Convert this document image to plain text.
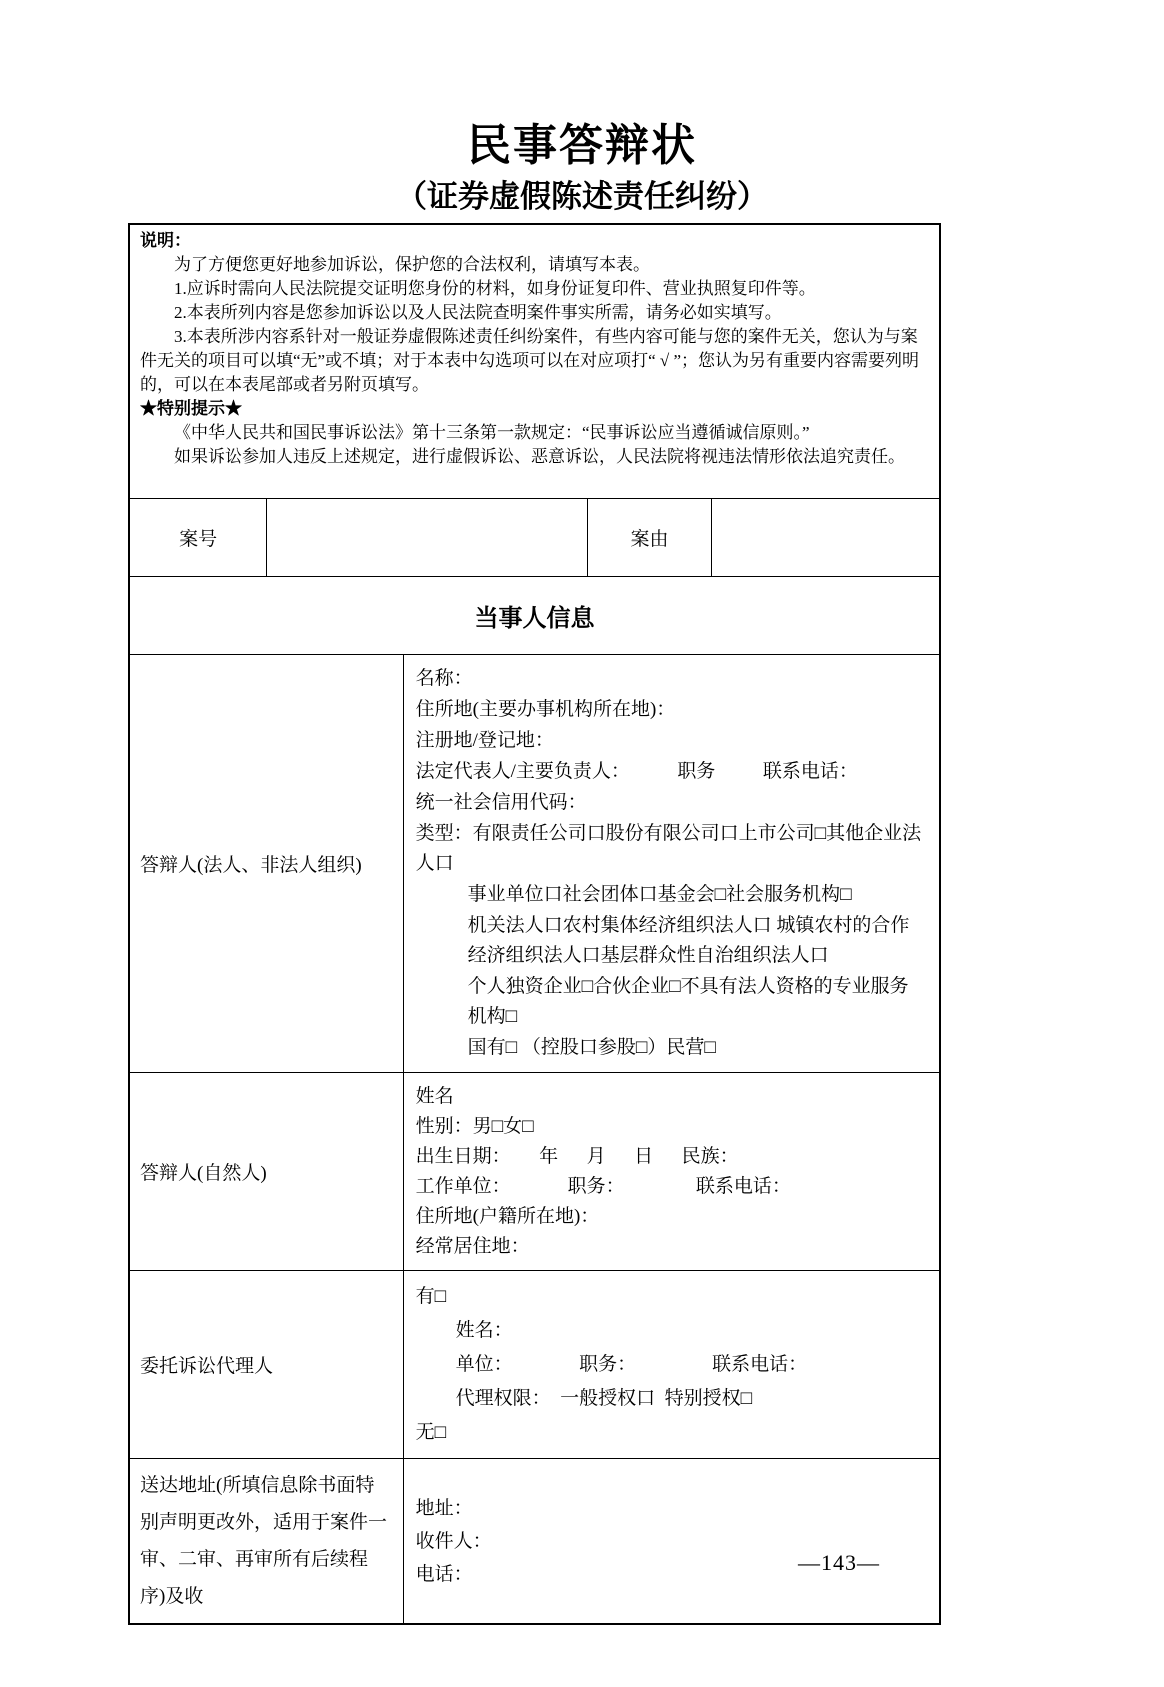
民事答辩状
（证券虚假陈述责任纠纷）

说明：

为了方便您更好地参加诉讼，保护您的合法权利，请填写本表。

1.应诉时需向人民法院提交证明您身份的材料，如身份证复印件、营业执照复印件等。

2.本表所列内容是您参加诉讼以及人民法院查明案件事实所需，请务必如实填写。

3.本表所涉内容系针对一般证券虚假陈述责任纠纷案件，有些内容可能与您的案件无关，您认为与案件无关的项目可以填“无”或不填；对于本表中勾选项可以在对应项打“ √ ”；您认为另有重要内容需要列明的，可以在本表尾部或者另附页填写。

★特别提示★

《中华人民共和国民事诉讼法》第十三条第一款规定：“民事诉讼应当遵循诚信原则。”

如果诉讼参加人违反上述规定，进行虚假诉讼、恶意诉讼，人民法院将视违法情形依法追究责任。

案号	案由
当事人信息
答辩人(法人、非法人组织)

名称：

住所地(主要办事机构所在地)：

注册地/登记地：

法定代表人/主要负责人：          职务          联系电话：

统一社会信用代码：

类型：有限责任公司口股份有限公司口上市公司□其他企业法人口

事业单位口社会团体口基金会□社会服务机构□

机关法人口农村集体经济组织法人口 城镇农村的合作经济组织法人口基层群众性自治组织法人口

个人独资企业□合伙企业□不具有法人资格的专业服务机构□

国有□ （控股口参股□）民营□

答辩人(自然人)

姓名

性别：男□女□

出生日期：      年      月      日      民族：

工作单位：            职务：               联系电话：

住所地(户籍所在地)：

经常居住地：

委托诉讼代理人

有□

姓名：

单位：              职务：                联系电话：

代理权限：  一般授权口  特别授权□

无□

送达地址(所填信息除书面特别声明更改外，适用于案件一审、二审、再审所有后续程序)及收

地址：

收件人：

电话：	—143—
